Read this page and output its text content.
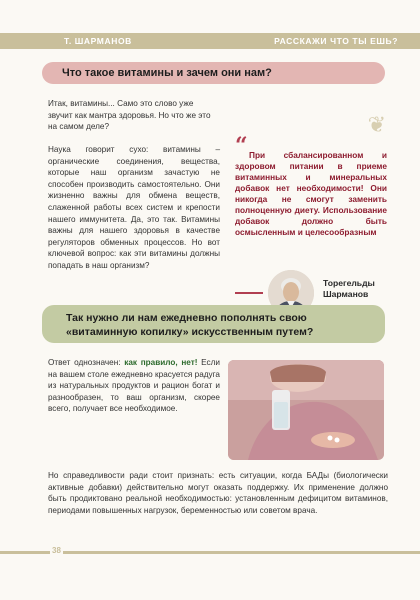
Т. ШАРМАНОВ	РАССКАЖИ ЧТО ТЫ ЕШЬ?
❦
Что такое витамины и зачем они нам?
Итак, витамины... Само это слово уже звучит как мантра здоровья. Но что же это на самом деле?
Наука говорит сухо: витамины – органические соединения, вещества, которые наш организм зачастую не способен производить самостоятельно. Они жизненно важны для обмена веществ, слаженной работы всех систем и крепости нашего иммунитета. Да, это так. Витамины важны для нашего здоровья в качестве регуляторов обменных процессов. Но вот ключевой вопрос: как эти витамины должны попадать в наш организм?
“ При сбалансированном и здоровом питании в приеме витаминных и минеральных добавок нет необходимости! Они никогда не смогут заменить полноценную диету. Использование добавок должно быть осмысленным и целесообразным
Торегельды
Шарманов
Так нужно ли нам ежедневно пополнять свою
«витаминную копилку» искусственным путем?
Ответ однозначен: как правило, нет! Если на вашем столе ежедневно красуется радуга из натуральных продуктов и рацион богат и разнообразен, то ваш организм, скорее всего, получает все необходимое.
Но справедливости ради стоит признать: есть ситуации, когда БАДы (биологически активные добавки) действительно могут оказать поддержку. Их применение должно быть продиктовано реальной необходимостью: установленным дефицитом витаминов, периодами повышенных нагрузок, беременностью или советом врача.
38
